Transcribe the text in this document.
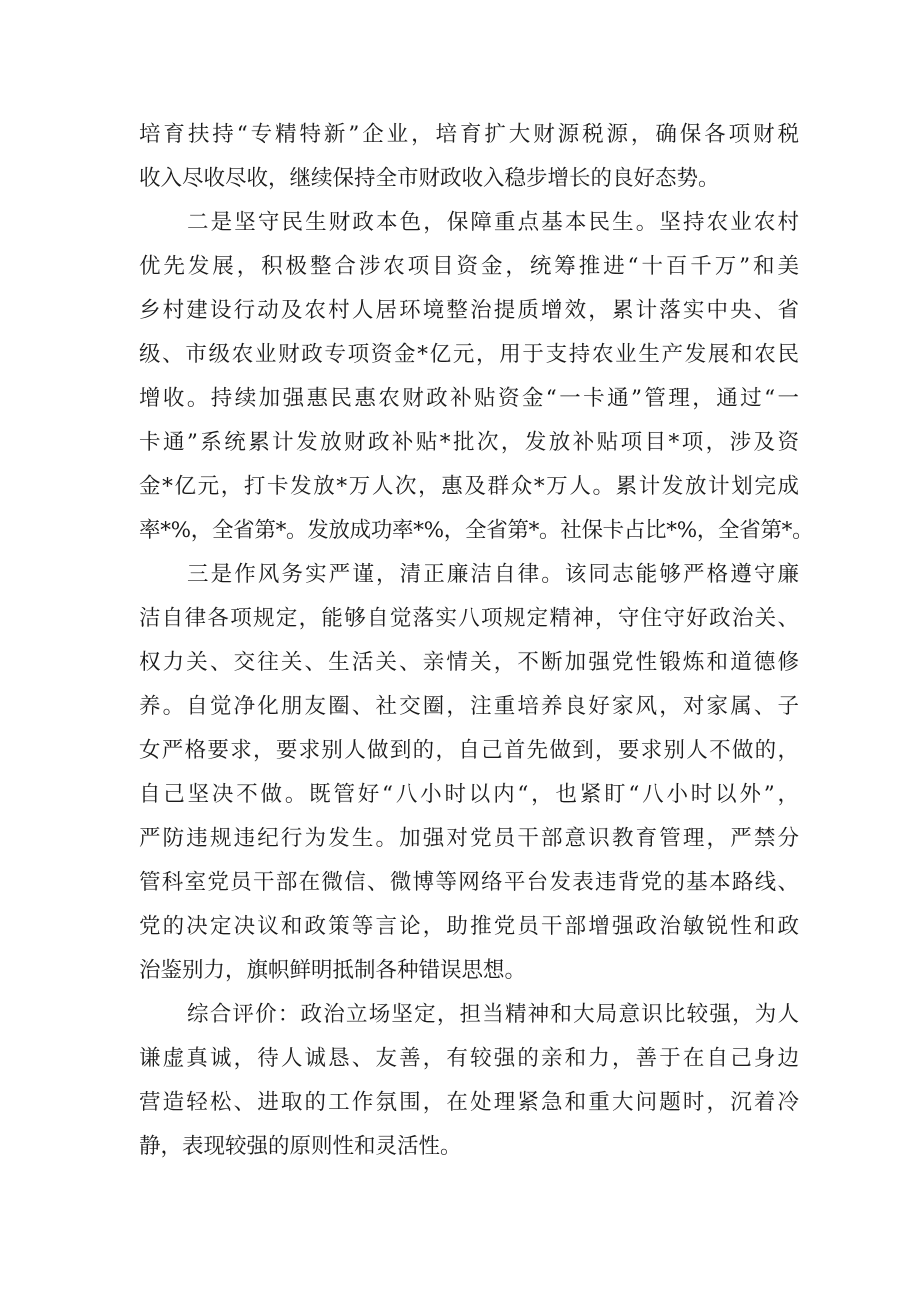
培育扶持“专精特新”企业，培育扩大财源税源，确保各项财税
收入尽收尽收，继续保持全市财政收入稳步增长的良好态势。
二是坚守民生财政本色，保障重点基本民生。坚持农业农村
优先发展，积极整合涉农项目资金，统筹推进“十百千万”和美
乡村建设行动及农村人居环境整治提质增效，累计落实中央、省
级、市级农业财政专项资金*亿元，用于支持农业生产发展和农民
增收。持续加强惠民惠农财政补贴资金“一卡通”管理，通过“一
卡通”系统累计发放财政补贴*批次，发放补贴项目*项，涉及资
金*亿元，打卡发放*万人次，惠及群众*万人。累计发放计划完成
率*%，全省第*。发放成功率*%，全省第*。社保卡占比*%，全省第*。
三是作风务实严谨，清正廉洁自律。该同志能够严格遵守廉
洁自律各项规定，能够自觉落实八项规定精神，守住守好政治关、
权力关、交往关、生活关、亲情关，不断加强党性锻炼和道德修
养。自觉净化朋友圈、社交圈，注重培养良好家风，对家属、子
女严格要求，要求别人做到的，自己首先做到，要求别人不做的，
自己坚决不做。既管好“八小时以内“，也紧盯“八小时以外”，
严防违规违纪行为发生。加强对党员干部意识教育管理，严禁分
管科室党员干部在微信、微博等网络平台发表违背党的基本路线、
党的决定决议和政策等言论，助推党员干部增强政治敏锐性和政
治鉴别力，旗帜鲜明抵制各种错误思想。
综合评价：政治立场坚定，担当精神和大局意识比较强，为人
谦虚真诚，待人诚恳、友善，有较强的亲和力，善于在自己身边
营造轻松、进取的工作氛围，在处理紧急和重大问题时，沉着冷
静，表现较强的原则性和灵活性。
